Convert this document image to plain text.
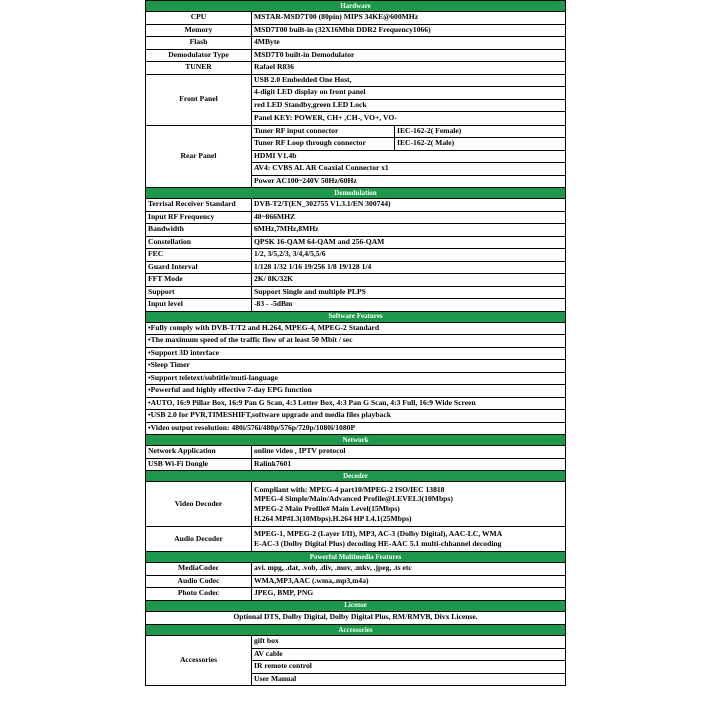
Hardware		
CPU	MSTAR-MSD7T00 (80pin) MIPS 34KE@600MHz	
Memory	MSD7T00 built-in (32X16Mbit DDR2 Frequency1066)	
Flash	4MByte	
Demodulator Type	MSD7T0 built-in Demodulator	
TUNER	Rafael R836	
Front Panel	USB 2.0 Embedded One Host,	
	4-digit LED display on front panel	
	red LED Standby,green LED Lock	
	Panel KEY: POWER, CH+ ,CH-, VO+, VO-	
Rear Panel	Tuner RF input connector	IEC-162-2( Female)
	Tuner RF Loop through connector	IEC-162-2( Male)
	HDMI V1.4b	
	AV4: CVBS AL AR Coaxial Connector x1	
	Power AC100~240V 50Hz/60Hz	
Demodulation		
Terrisal Receiver Standard	DVB-T2/T(EN_302755 V1.3.1/EN 300744)	
Input RF Frequency	48~866MHZ	
Bandwidth	6MHz,7MHz,8MHz	
Constellation	QPSK 16-QAM 64-QAM and 256-QAM	
FEC	1/2, 3/5,2/3, 3/4,4/5,5/6	
Guard Interval	1/128 1/32 1/16 19/256 1/8 19/128 1/4	
FFT Mode	2K/ 8K/32K	
Support	Support Single and multiple PLPS	
Input level	-83 - -5dBm	
Software Features		
•Fully comply with DVB-T/T2 and H.264, MPEG-4, MPEG-2 Standard		
•The maximum speed of the traffic flow of at least 50 Mbit / sec		
•Support 3D interface		
•Sleep Timer		
•Support teletext/subtitle/muti-language		
•Powerful and highly effective 7-day EPG function		
•AUTO, 16:9 Pillar Box, 16:9 Pan G Scan, 4:3 Letter Box, 4:3 Pan G Scan, 4:3 Full, 16:9 Wide Screen		
•USB 2.0 for PVR,TIMESHIFT,software upgrade and media files playback		
•Video output resolution: 480i/576i/480p/576p/720p/1080i/1080P		
Network		
Network Application	online video , IPTV protocol	
USB Wi-Fi Dongle	Ralink7601	
Decoder		
Video Decoder	Compliant with: MPEG-4 part10/MPEG-2 ISO/IEC 13818
MPEG-4 Simple/Main/Advanced Profile@LEVEL3(10Mbps)
MPEG-2 Main Profile# Main Level(15Mbps)
H.264 MP#L3(10Mbps).H.264 HP L4.1(25Mbps)	

Audio Decoder	MPEG-1, MPEG-2 (Layer I/II), MP3, AC-3 (Dolby Digital), AAC-LC, WMA
E-AC-3 (Dolby Digital Plus) decoding HE-AAC 5.1 multi-chhannel decoding	

Powerful Multimedia Features		
MediaCodec	avi. mpg, .dat, .vob, .div, .mov, .mkv, .jpeg, .ts etc	
Audio Codec	WMA,MP3,AAC (.wma,.mp3,m4a)	
Photo Codec	JPEG, BMP, PNG	
License		
Optional DTS, Dolby Digital, Dolby Digital Plus, RM/RMVB, Divx License.		
Accessories		
Accessories	gift box	
	AV cable	
	IR remote control	
	User Manual	
